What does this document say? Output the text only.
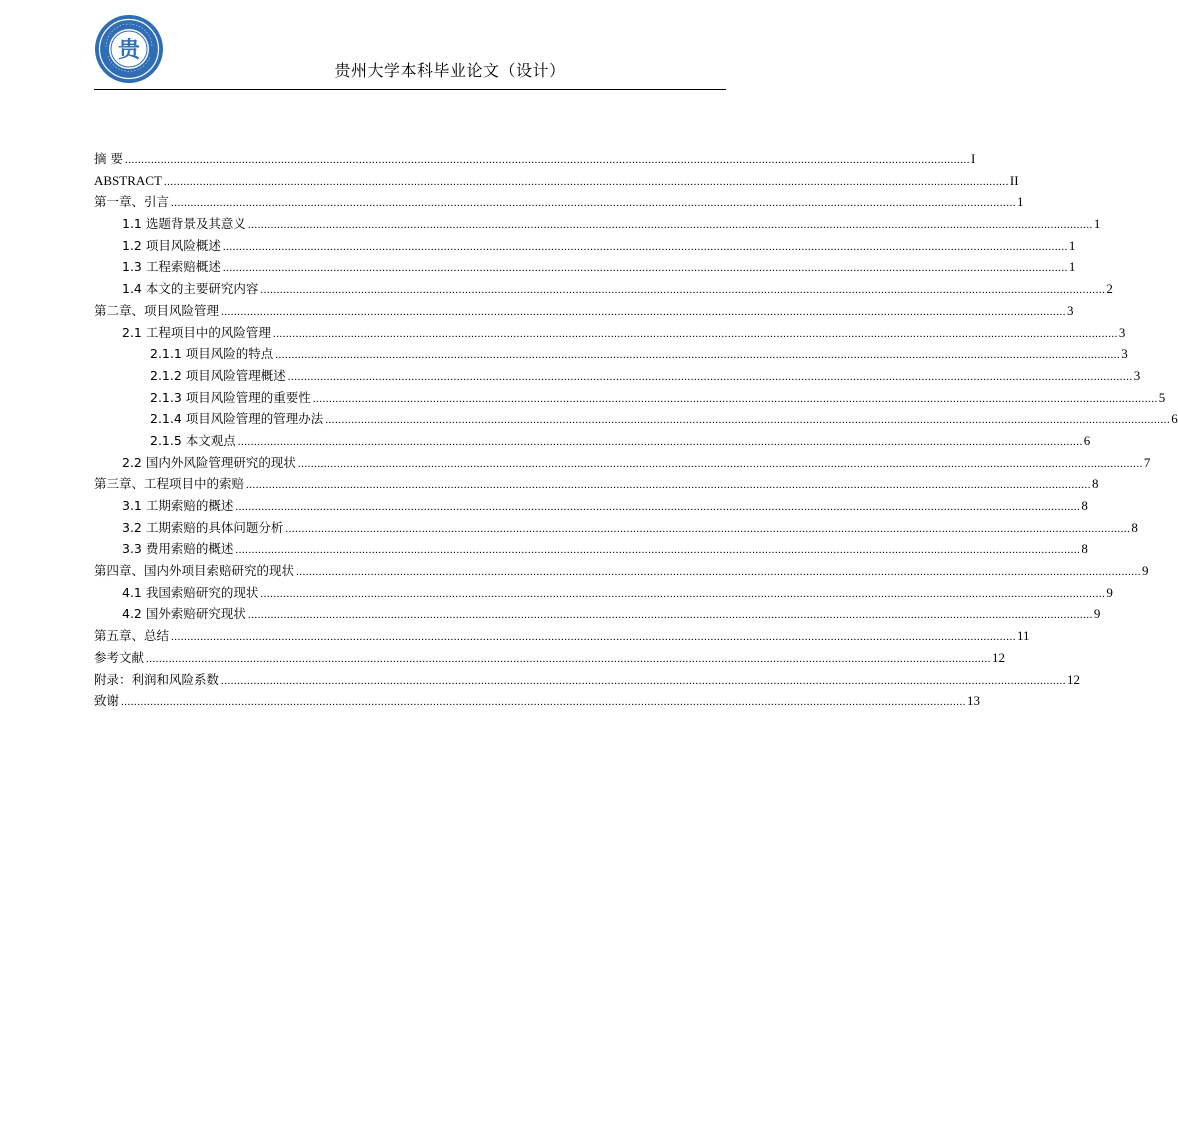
贵
贵州大学本科毕业论文（设计）
摘 要 .................................................................................................................................................................................................................................................................... I
ABSTRACT .................................................................................................................................................................................................................................................................... II
第一章、引言 .................................................................................................................................................................................................................................................................... 1
1.1 选题背景及其意义 .................................................................................................................................................................................................................................................................... 1
1.2 项目风险概述 .................................................................................................................................................................................................................................................................... 1
1.3 工程索赔概述 .................................................................................................................................................................................................................................................................... 1
1.4 本文的主要研究内容 .................................................................................................................................................................................................................................................................... 2
第二章、项目风险管理 .................................................................................................................................................................................................................................................................... 3
2.1 工程项目中的风险管理 .................................................................................................................................................................................................................................................................... 3
2.1.1 项目风险的特点 .................................................................................................................................................................................................................................................................... 3
2.1.2 项目风险管理概述 .................................................................................................................................................................................................................................................................... 3
2.1.3 项目风险管理的重要性 .................................................................................................................................................................................................................................................................... 5
2.1.4 项目风险管理的管理办法 .................................................................................................................................................................................................................................................................... 6
2.1.5 本文观点 .................................................................................................................................................................................................................................................................... 6
2.2 国内外风险管理研究的现状 .................................................................................................................................................................................................................................................................... 7
第三章、工程项目中的索赔 .................................................................................................................................................................................................................................................................... 8
3.1 工期索赔的概述 .................................................................................................................................................................................................................................................................... 8
3.2 工期索赔的具体问题分析 .................................................................................................................................................................................................................................................................... 8
3.3 费用索赔的概述 .................................................................................................................................................................................................................................................................... 8
第四章、国内外项目索赔研究的现状 .................................................................................................................................................................................................................................................................... 9
4.1 我国索赔研究的现状 .................................................................................................................................................................................................................................................................... 9
4.2 国外索赔研究现状 .................................................................................................................................................................................................................................................................... 9
第五章、总结 .................................................................................................................................................................................................................................................................... 11
参考文献 .................................................................................................................................................................................................................................................................... 12
附录：利润和风险系数 .................................................................................................................................................................................................................................................................... 12
致谢 .................................................................................................................................................................................................................................................................... 13
